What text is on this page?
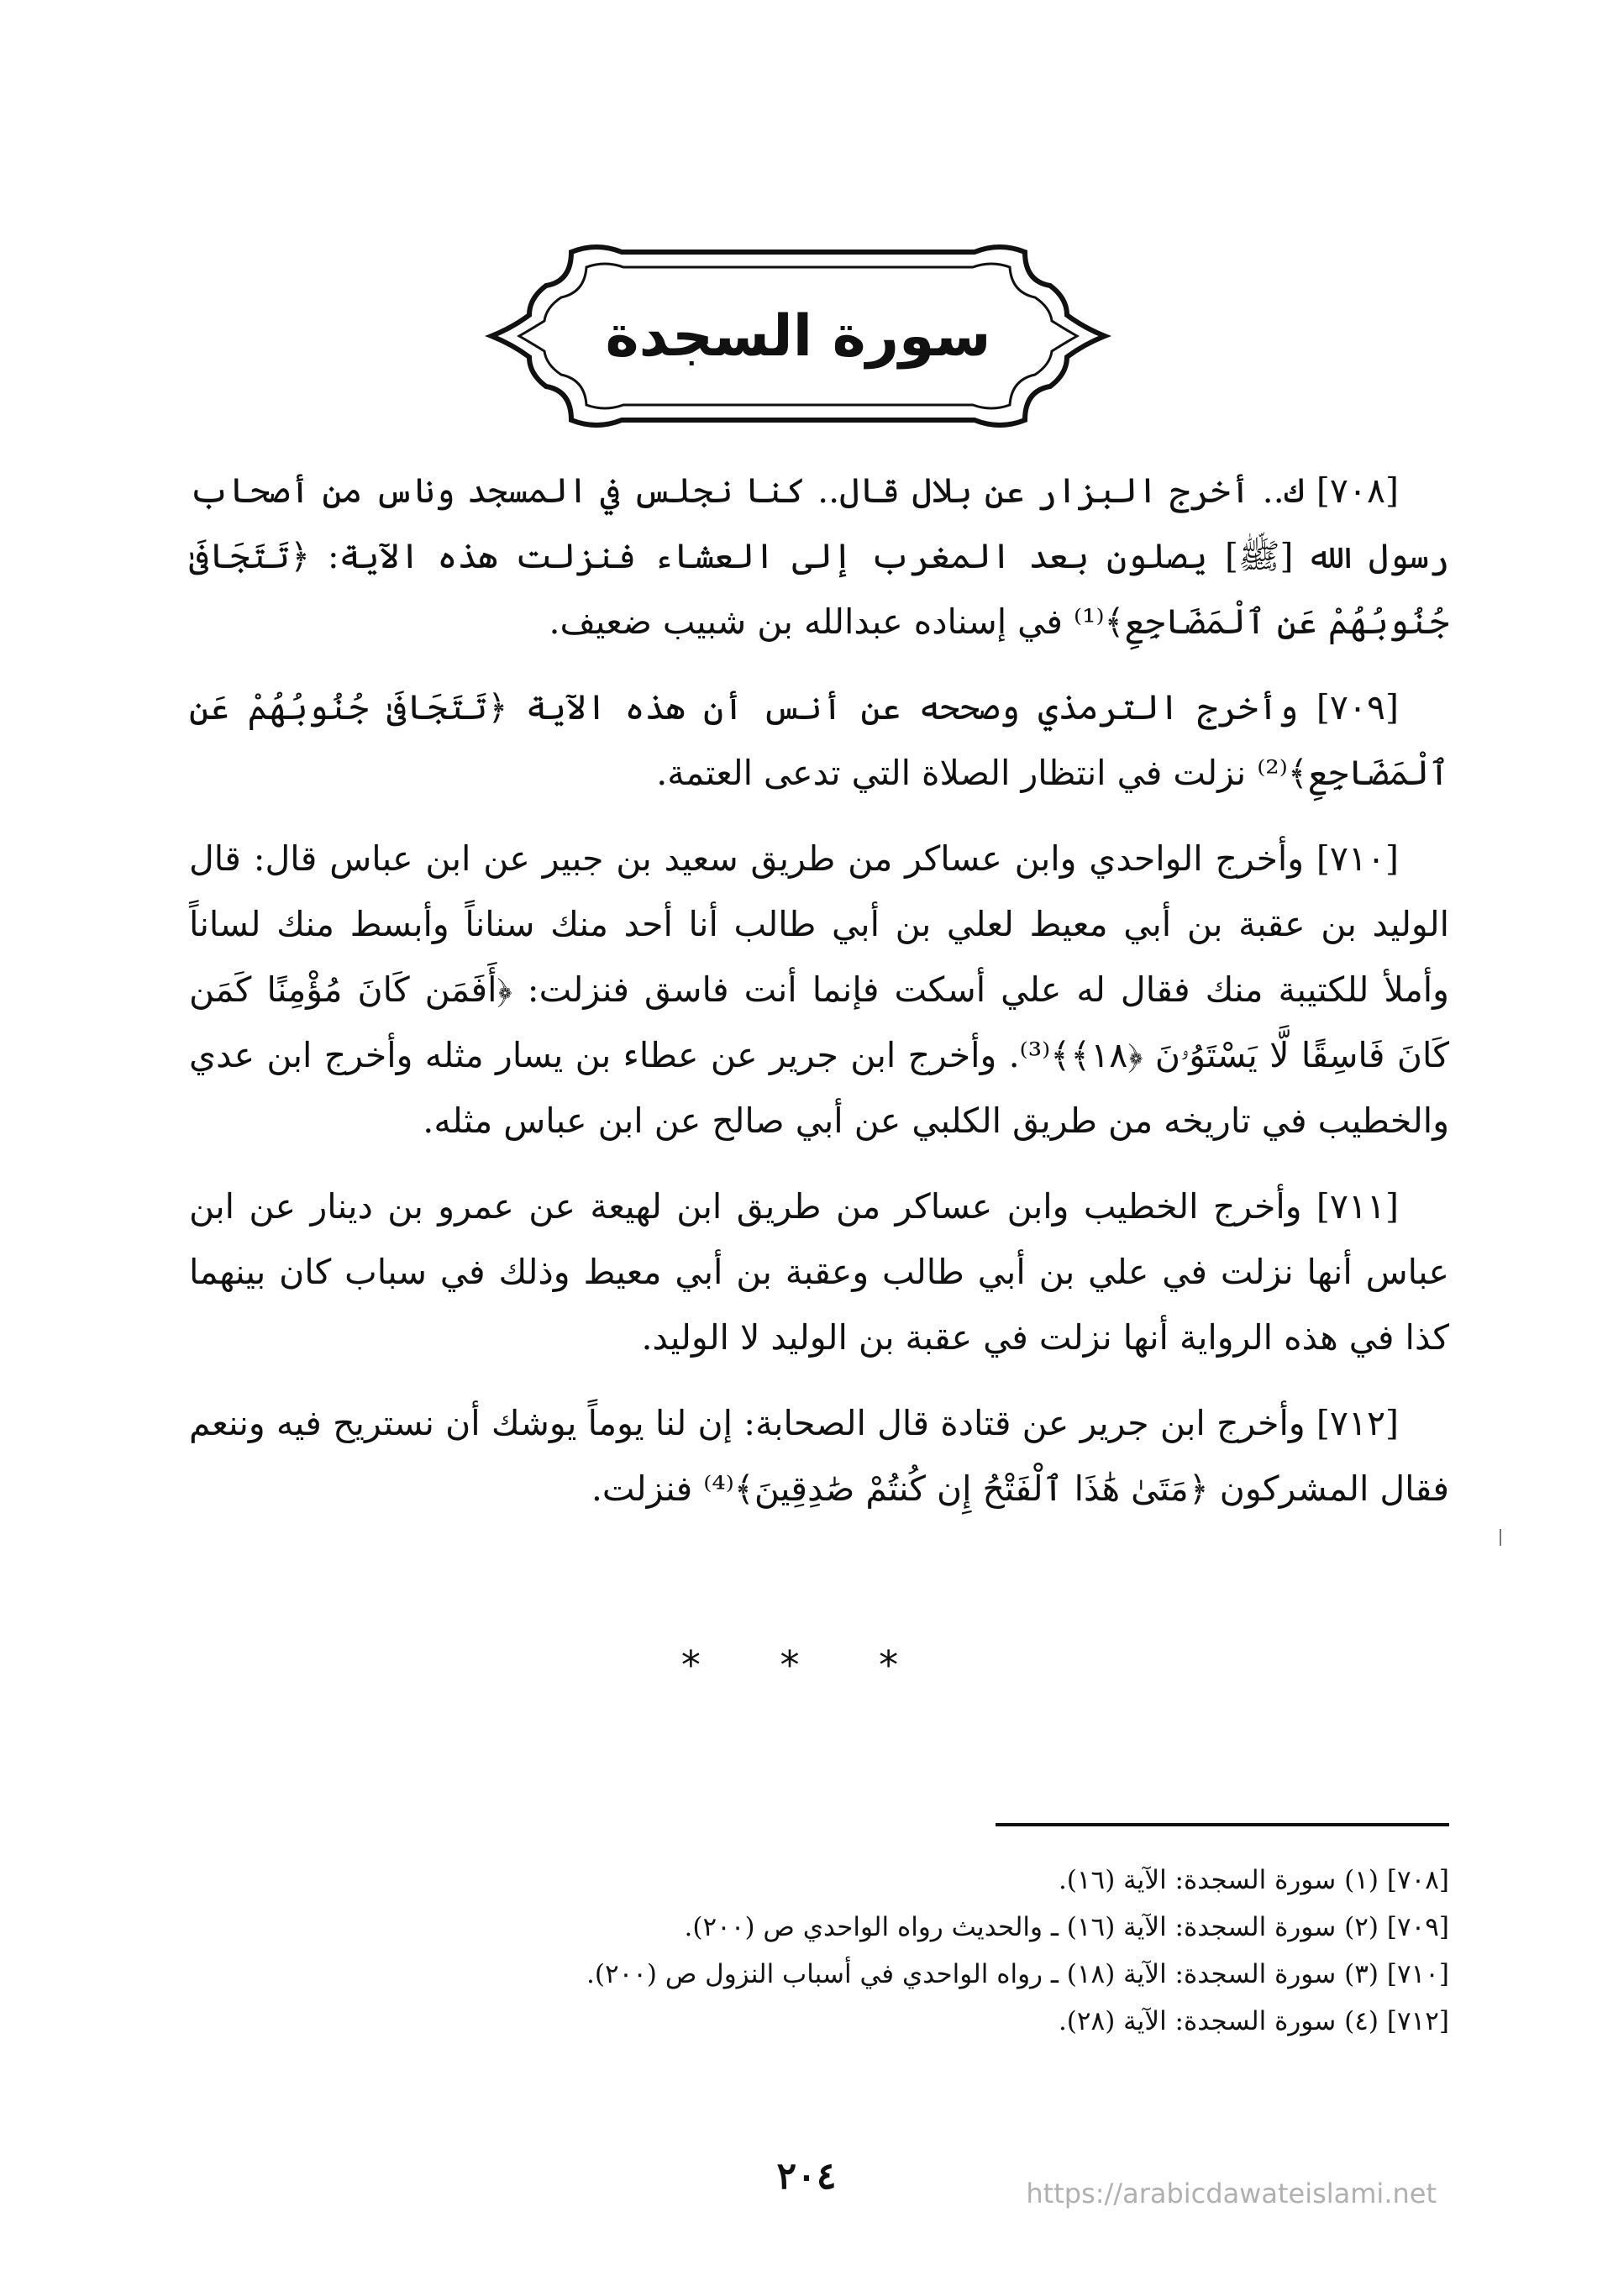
سورة السجدة

[٧٠٨] ك.. أخرج البزار عن بلال قال.. كنا نجلس في المسجد وناس من أصحاب رسول الله [ﷺ] يصلون بعد المغرب إلى العشاء فنزلت هذه الآية: ﴿تَتَجَافَىٰ جُنُوبُهُمْ عَنِ ٱلْمَضَاجِعِ﴾⁽¹⁾ في إسناده عبدالله بن شبيب ضعيف.

[٧٠٩] وأخرج الترمذي وصححه عن أنس أن هذه الآية ﴿تَتَجَافَىٰ جُنُوبُهُمْ عَنِ ٱلْمَضَاجِعِ﴾⁽²⁾ نزلت في انتظار الصلاة التي تدعى العتمة.

[٧١٠] وأخرج الواحدي وابن عساكر من طريق سعيد بن جبير عن ابن عباس قال: قال الوليد بن عقبة بن أبي معيط لعلي بن أبي طالب أنا أحد منك سناناً وأبسط منك لساناً وأملأ للكتيبة منك فقال له علي أسكت فإنما أنت فاسق فنزلت: ﴿أَفَمَن كَانَ مُؤْمِنًا كَمَن كَانَ فَاسِقًا لَّا يَسْتَوُۥنَ ﴿١٨﴾﴾⁽³⁾. وأخرج ابن جرير عن عطاء بن يسار مثله وأخرج ابن عدي والخطيب في تاريخه من طريق الكلبي عن أبي صالح عن ابن عباس مثله.

[٧١١] وأخرج الخطيب وابن عساكر من طريق ابن لهيعة عن عمرو بن دينار عن ابن عباس أنها نزلت في علي بن أبي طالب وعقبة بن أبي معيط وذلك في سباب كان بينهما كذا في هذه الرواية أنها نزلت في عقبة بن الوليد لا الوليد.

[٧١٢] وأخرج ابن جرير عن قتادة قال الصحابة: إن لنا يوماً يوشك أن نستريح فيه وننعم فقال المشركون ﴿مَتَىٰ هَٰذَا ٱلْفَتْحُ إِن كُنتُمْ صَٰدِقِينَ﴾⁽⁴⁾ فنزلت.

* * *
[٧٠٨] (١) سورة السجدة: الآية (١٦).
[٧٠٩] (٢) سورة السجدة: الآية (١٦) ـ والحديث رواه الواحدي ص (٢٠٠).
[٧١٠] (٣) سورة السجدة: الآية (١٨) ـ رواه الواحدي في أسباب النزول ص (٢٠٠).
[٧١٢] (٤) سورة السجدة: الآية (٢٨).
٢٠٤	https://arabicdawateislami.net
